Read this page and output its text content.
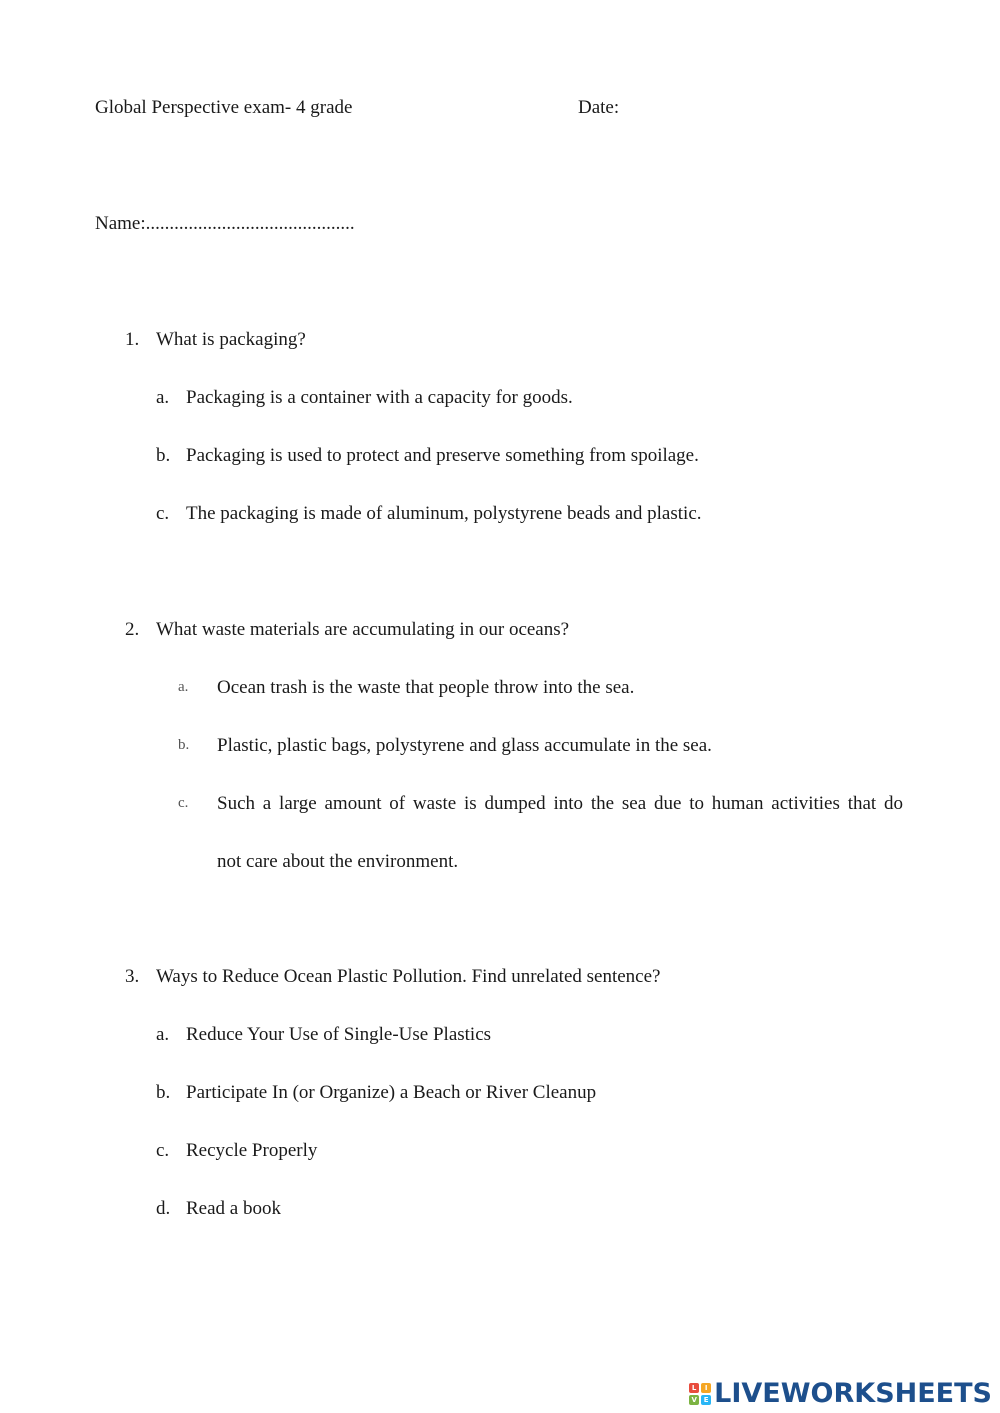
Global Perspective exam- 4 grade	Date:
Name:............................................
1. What is packaging?
a. Packaging is a container with a capacity for goods.
b. Packaging is used to protect and preserve something from spoilage.
c. The packaging is made of aluminum, polystyrene beads and plastic.
2. What waste materials are accumulating in our oceans?
a. Ocean trash is the waste that people throw into the sea.
b. Plastic, plastic bags, polystyrene and glass accumulate in the sea.
c. Such a large amount of waste is dumped into the sea due to human activities that do
not care about the environment.
3. Ways to Reduce Ocean Plastic Pollution. Find unrelated sentence?
a. Reduce Your Use of Single-Use Plastics
b. Participate In (or Organize) a Beach or River Cleanup
c. Recycle Properly
d. Read a book
L	I
V E LIVEWORKSHEETS
